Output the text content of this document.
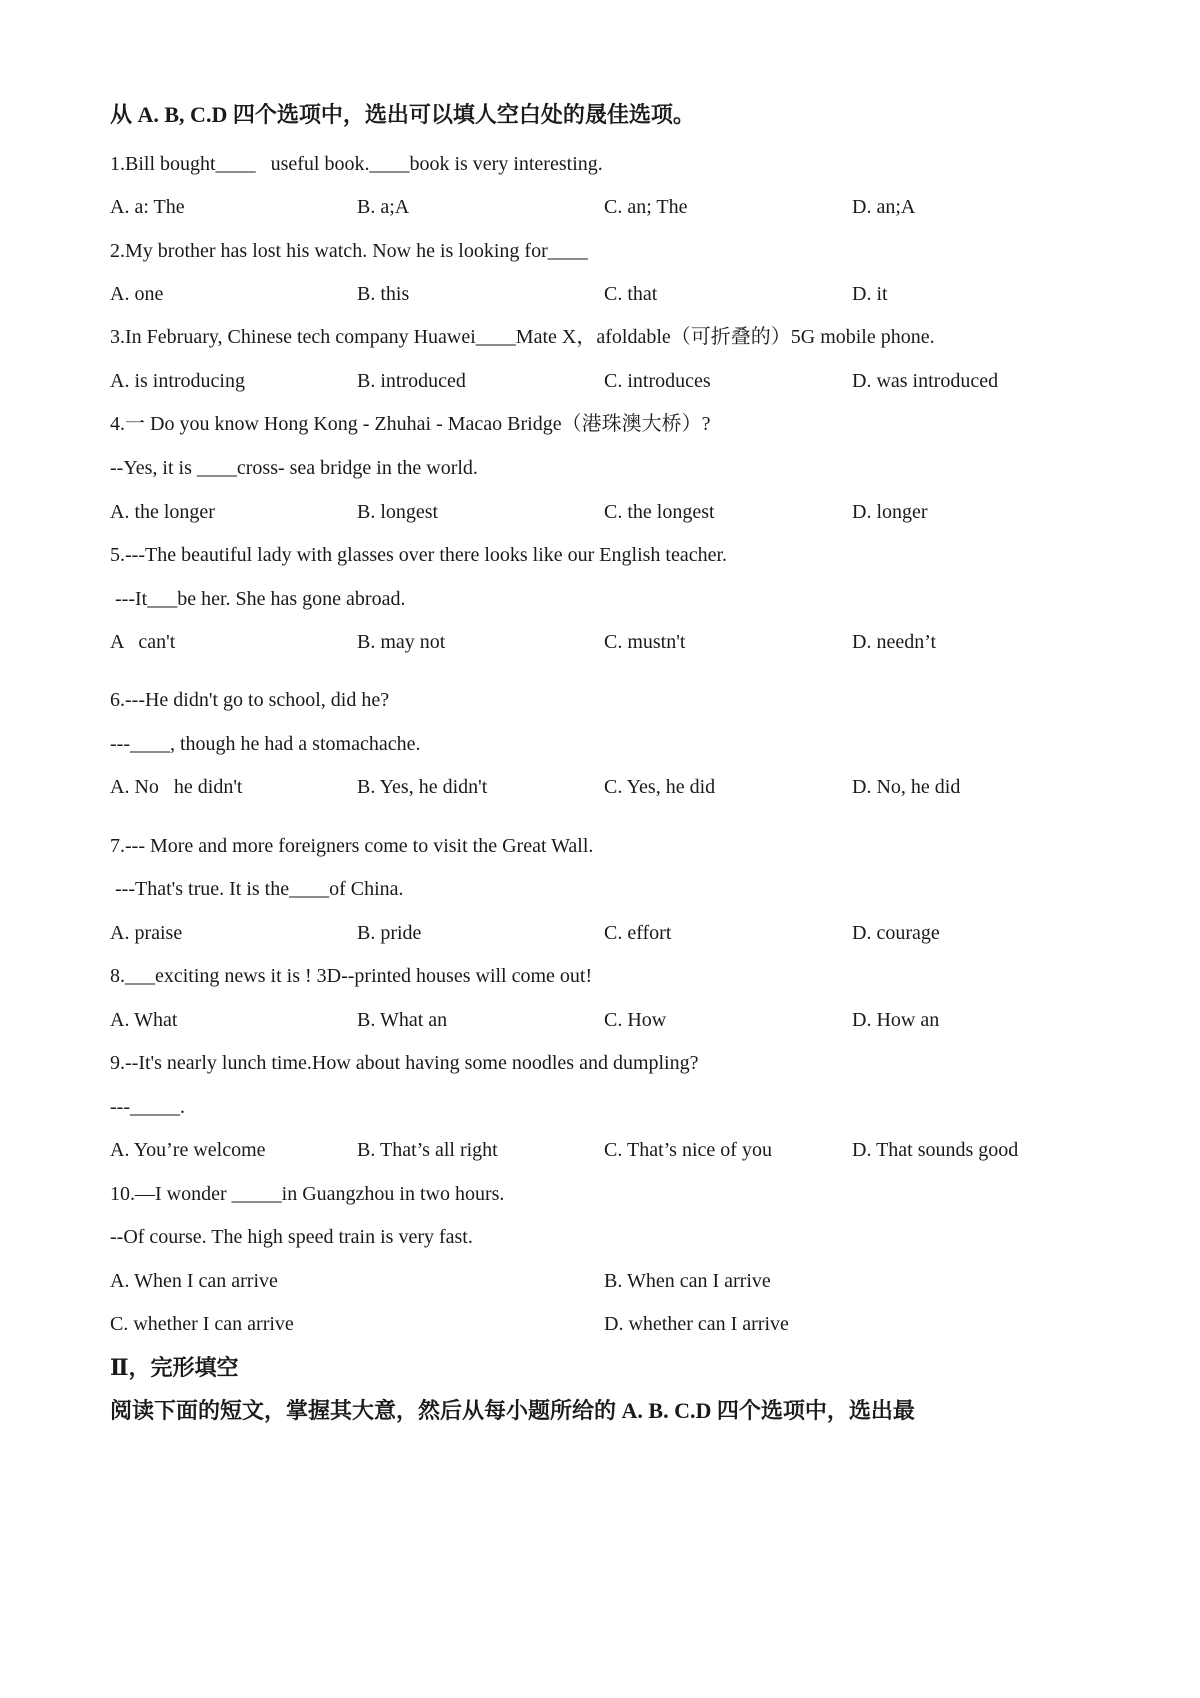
从 A. B, C.D 四个选项中，选出可以填人空白处的晟佳选项。
1.Bill bought____   useful book.____book is very interesting.
A. a: The	B. a;A	C. an; The	D. an;A
2.My brother has lost his watch. Now he is looking for____
A. one	B. this	C. that	D. it
3.In February, Chinese tech company Huawei____Mate X，afoldable（可折叠的）5G mobile phone.
A. is introducing	B. introduced	C. introduces	D. was introduced
4.一 Do you know Hong Kong - Zhuhai - Macao Bridge（港珠澳大桥）?
--Yes, it is ____cross- sea bridge in the world.
A. the longer	B. longest	C. the longest	D. longer
5.---The beautiful lady with glasses over there looks like our English teacher.
---It___be her. She has gone abroad.
A   can't	B. may not	C. mustn't	D. needn’t
6.---He didn't go to school, did he?
---____, though he had a stomachache.
A. No   he didn't	B. Yes, he didn't	C. Yes, he did	D. No, he did
7.--- More and more foreigners come to visit the Great Wall.
---That's true. It is the____of China.
A. praise	B. pride	C. effort	D. courage
8.___exciting news it is ! 3D--printed houses will come out!
A. What	B. What an	C. How	D. How an
9.--It's nearly lunch time.How about having some noodles and dumpling?
---_____.
A. You’re welcome	B. That’s all right	C. That’s nice of you	D. That sounds good
10.—I wonder _____in Guangzhou in two hours.
--Of course. The high speed train is very fast.
A. When I can arrive	B. When can I arrive
C. whether I can arrive	D. whether can I arrive
Ⅱ，完形填空
阅读下面的短文，掌握其大意，然后从每小题所给的 A. B. C.D 四个选项中，选出最
